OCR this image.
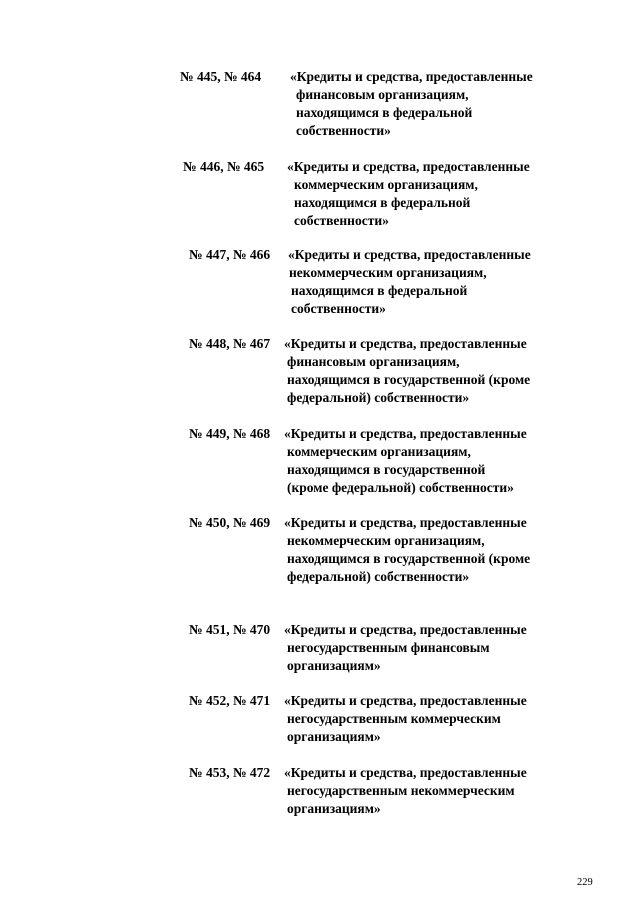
№ 445, № 464 «Кредиты и средства, предоставленные
финансовым организациям,
находящимся в федеральной
собственности»
№ 446, № 465 «Кредиты и средства, предоставленные
коммерческим организациям,
находящимся в федеральной
собственности»
№ 447, № 466 «Кредиты и средства, предоставленные
некоммерческим организациям,
находящимся в федеральной
собственности»
№ 448, № 467 «Кредиты и средства, предоставленные
финансовым организациям,
находящимся в государственной (кроме
федеральной) собственности»
№ 449, № 468 «Кредиты и средства, предоставленные
коммерческим организациям,
находящимся в государственной
(кроме федеральной) собственности»
№ 450, № 469 «Кредиты и средства, предоставленные
некоммерческим организациям,
находящимся в государственной (кроме
федеральной) собственности»
№ 451, № 470 «Кредиты и средства, предоставленные
негосударственным финансовым
организациям»
№ 452, № 471 «Кредиты и средства, предоставленные
негосударственным коммерческим
организациям»
№ 453, № 472 «Кредиты и средства, предоставленные
негосударственным некоммерческим
организациям»
229
